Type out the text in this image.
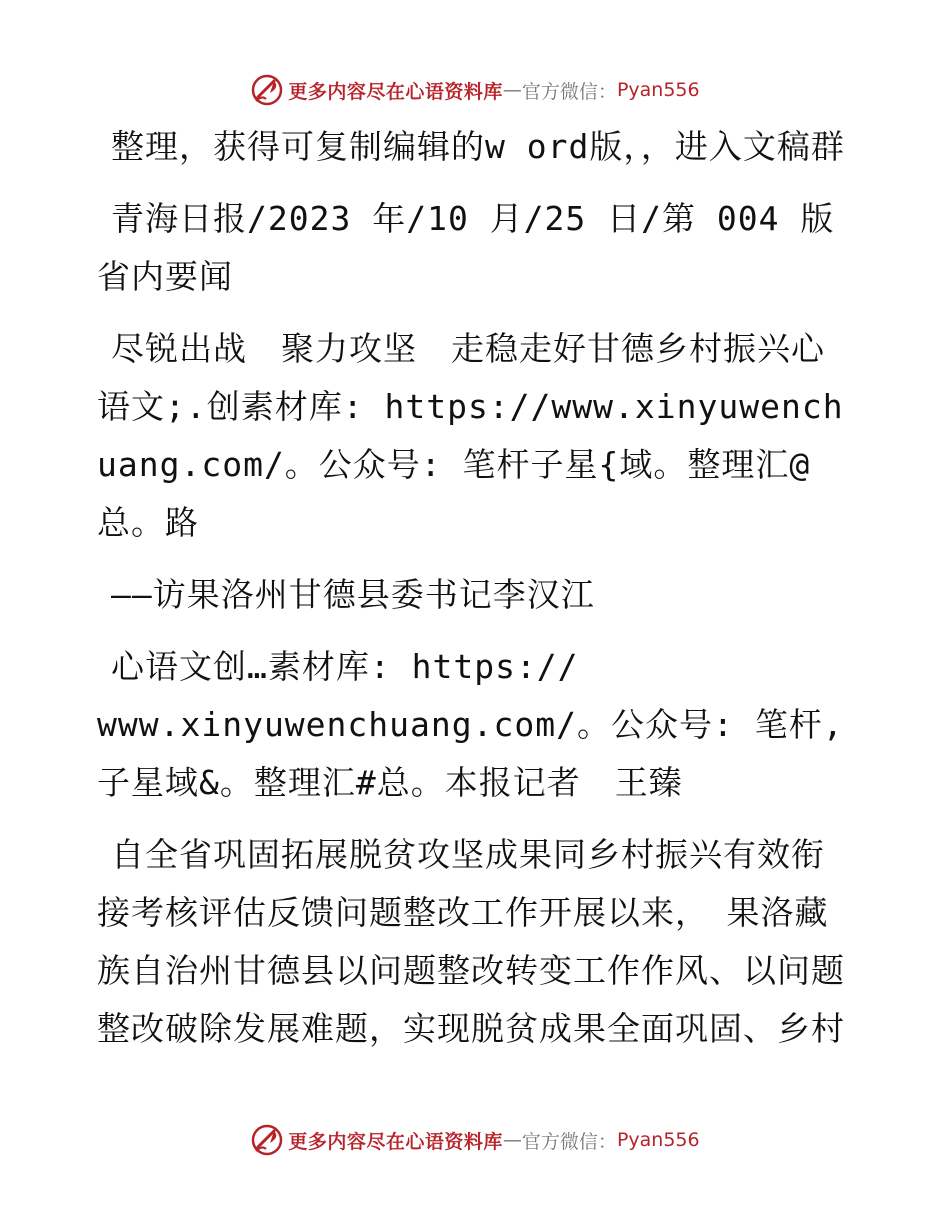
更多内容尽在心语资料库 — 官方微信： Pyan556

整理，获得可复制编辑的w ord版，，进入文稿群

青海日报/2023 年/10 月/25 日/第 004 版省内要闻

尽锐出战　聚力攻坚　走稳走好甘德乡村振兴心语文;.创素材库: https://www.xinyuwenchuang.com/。公众号: 笔杆子星{域。整理汇@总。路

——访果洛州甘德县委书记李汉江

心语文创…素材库: https://
www.xinyuwenchuang.com/。公众号: 笔杆,子星域&。整理汇#总。本报记者　王臻

自全省巩固拓展脱贫攻坚成果同乡村振兴有效衔接考核评估反馈问题整改工作开展以来，　果洛藏族自治州甘德县以问题整改转变工作作风、以问题整改破除发展难题，实现脱贫成果全面巩固、乡村

更多内容尽在心语资料库 — 官方微信： Pyan556
